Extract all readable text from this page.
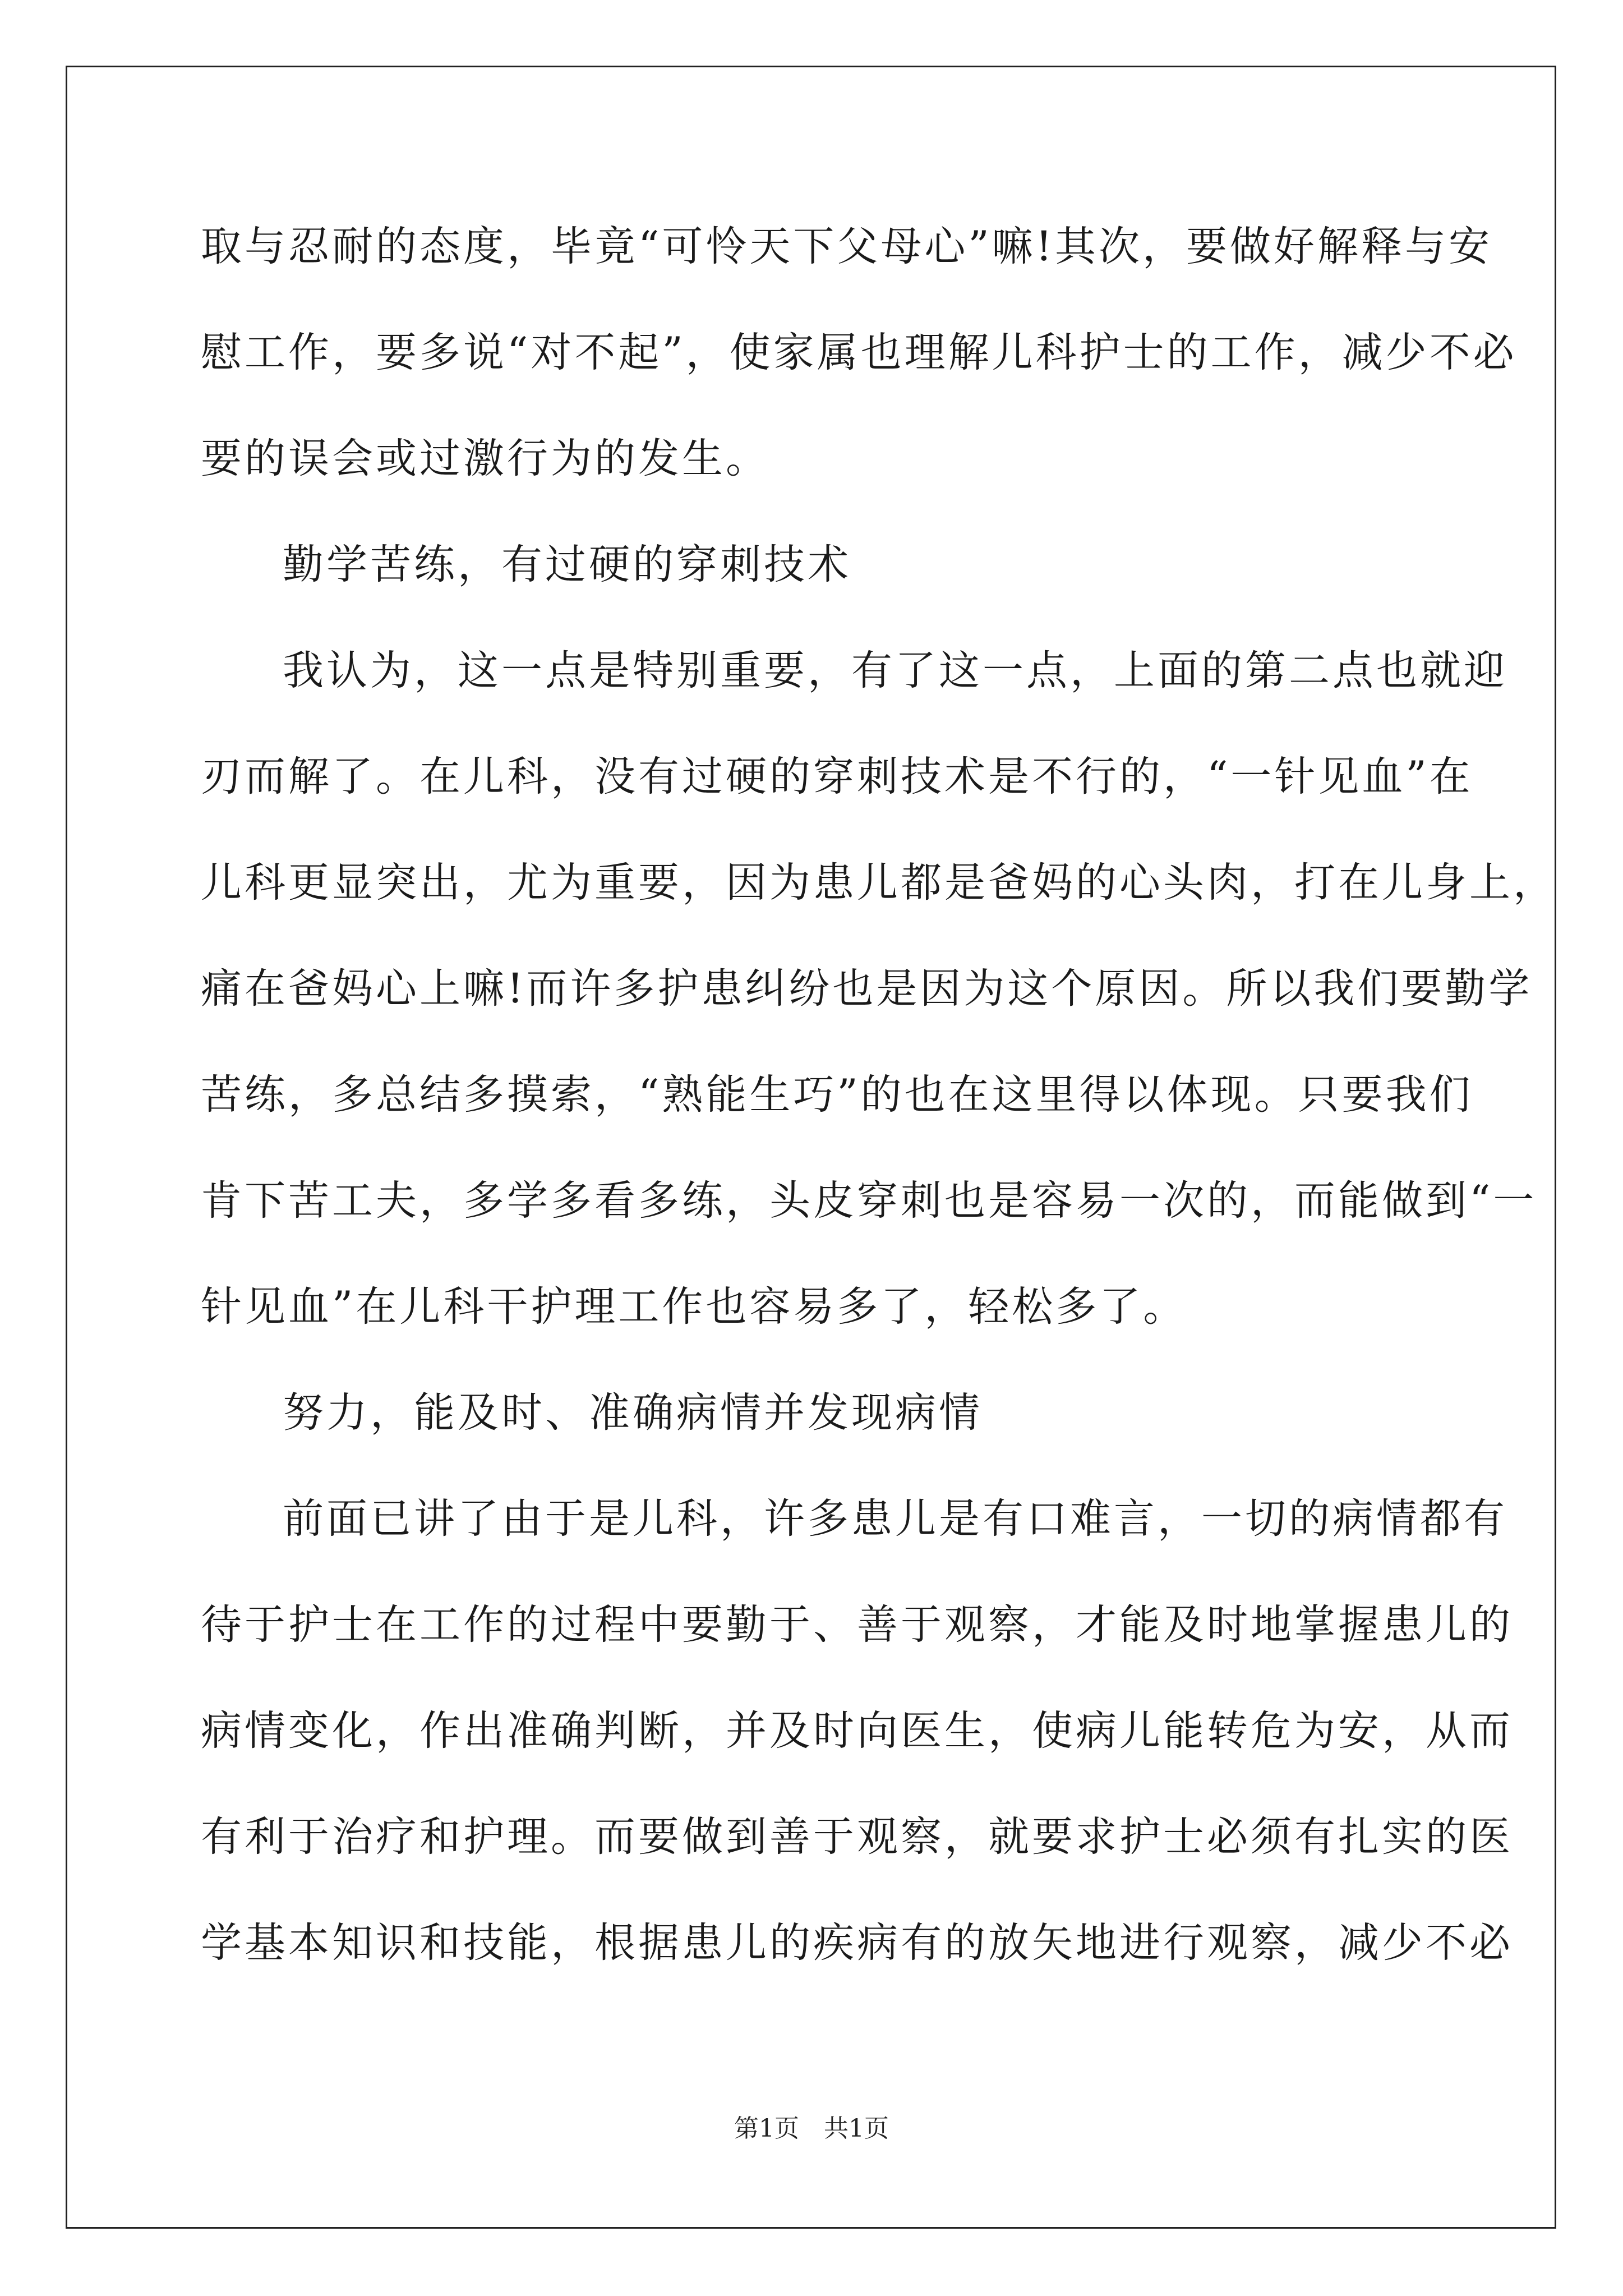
取与忍耐的态度，毕竟“可怜天下父母心”嘛!其次，要做好解释与安
慰工作，要多说“对不起”，使家属也理解儿科护士的工作，减少不必
要的误会或过激行为的发生。
勤学苦练，有过硬的穿刺技术
我认为，这一点是特别重要，有了这一点，上面的第二点也就迎
刃而解了。在儿科，没有过硬的穿刺技术是不行的，“一针见血”在
儿科更显突出，尤为重要，因为患儿都是爸妈的心头肉，打在儿身上，
痛在爸妈心上嘛!而许多护患纠纷也是因为这个原因。所以我们要勤学
苦练，多总结多摸索，“熟能生巧”的也在这里得以体现。只要我们
肯下苦工夫，多学多看多练，头皮穿刺也是容易一次的，而能做到“一
针见血”在儿科干护理工作也容易多了，轻松多了。
努力，能及时、准确病情并发现病情
前面已讲了由于是儿科，许多患儿是有口难言，一切的病情都有
待于护士在工作的过程中要勤于、善于观察，才能及时地掌握患儿的
病情变化，作出准确判断，并及时向医生，使病儿能转危为安，从而
有利于治疗和护理。而要做到善于观察，就要求护士必须有扎实的医
学基本知识和技能，根据患儿的疾病有的放矢地进行观察，减少不必
第1页　共1页
